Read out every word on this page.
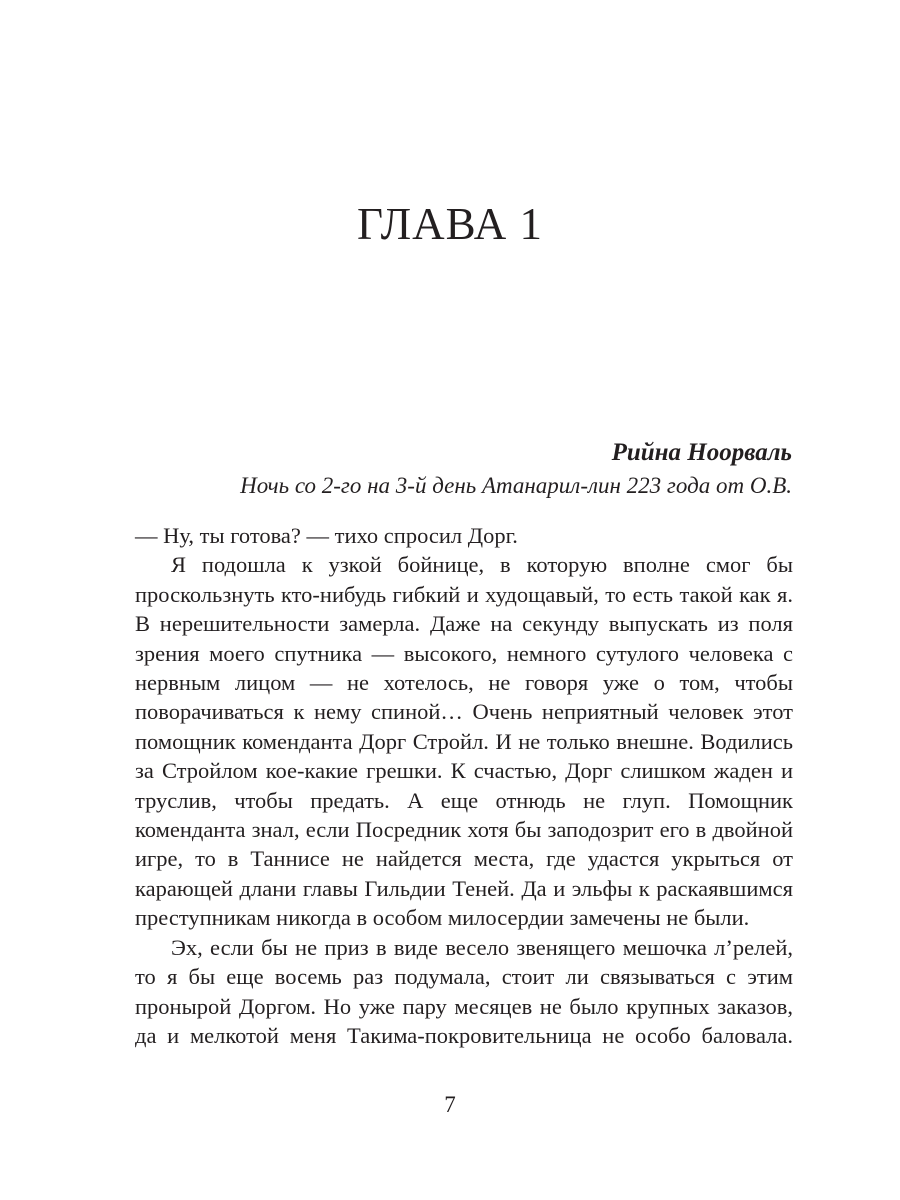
ГЛАВА 1
Рийна Ноорваль
Ночь со 2-го на 3-й день Атанарил-лин 223 года от О.В.

— Ну, ты готова? — тихо спросил Дорг.

Я подошла к узкой бойнице, в которую вполне смог бы проскользнуть кто-нибудь гибкий и худощавый, то есть такой как я. В нерешительности замерла. Даже на секунду выпускать из поля зрения моего спутника — высокого, немного сутулого человека с нервным лицом — не хотелось, не говоря уже о том, чтобы поворачиваться к нему спиной… Очень неприятный человек этот помощник коменданта Дорг Стройл. И не только внешне. Водились за Стройлом кое-какие грешки. К счастью, Дорг слишком жаден и труслив, чтобы предать. А еще отнюдь не глуп. Помощник коменданта знал, если Посредник хотя бы заподозрит его в двойной игре, то в Таннисе не найдется места, где удастся укрыться от карающей длани главы Гильдии Теней. Да и эльфы к раскаявшимся преступникам никогда в особом милосердии замечены не были.

Эх, если бы не приз в виде весело звенящего мешочка л’релей, то я бы еще восемь раз подумала, стоит ли связываться с этим пронырой Доргом. Но уже пару месяцев не было крупных заказов, да и мелкотой меня Такима-покровительница не особо баловала.

7
